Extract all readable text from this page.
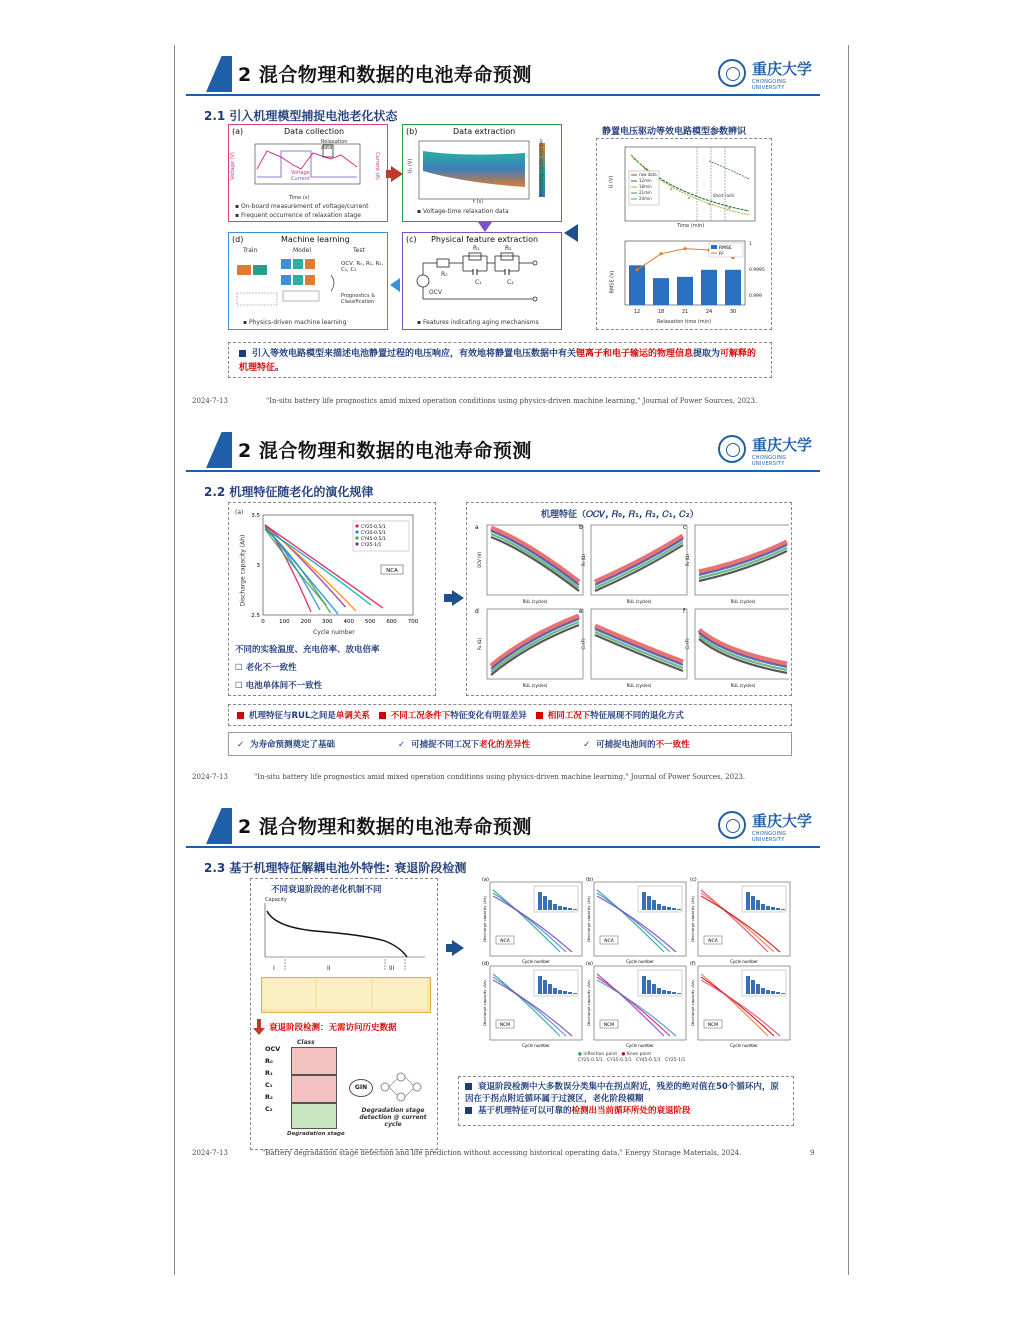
2 混合物理和数据的电池寿命预测	重庆大学
CHONGQING UNIVERSITY
2.1 引入机理模型捕捉电池老化状态
(a)	Data collection
Relaxation data
Voltage (V)	Current (A)
Voltage
Current
Time (s)
▪ On-board measurement of voltage/current
▪ Frequent occurrence of relaxation stage
(b)	Data extraction
U₁ (V)
t (s)
Increasing cycles number
▪ Voltage-time relaxation data
(d)	Machine learning
Train	Model	Test
OCV, R₀, R₁, R₂, C₁, C₂
Prognostics & Classification
▪ Physics-driven machine learning
(c) Physical feature extraction
OCV
R₀
R₁
C₁
R₂
C₂
▪ Features indicating aging mechanisms
静置电压驱动等效电路模型参数辨识
raw data
12min
18min
21min
24min
Short radii
U (V)
Time (min)
12	18	21	24	30
1
0.9995
0.999
RMSE
R²
RMSE (V)
Relaxation time (min)
引入等效电路模型来描述电池静置过程的电压响应，有效地将静置电压数据中有关锂离子和电子输运的物理信息提取为可解释的机理特征。
2024-7-13	"In-situ battery life prognostics amid mixed operation conditions using physics-driven machine learning," Journal of Power Sources, 2023.
2 混合物理和数据的电池寿命预测	重庆大学
CHONGQING UNIVERSITY
2.2 机理特征随老化的演化规律
0	100 200 300 400 500 600 700
2.5
3
3.5
CY25-0.5/1
CY35-0.5/1
CY45-0.5/1
CY25-1/1
NCA
(a)
Discharge capacity (Ah)
Cycle number
不同的实验温度、充电倍率、放电倍率
☐ 老化不一致性
☐ 电池单体间不一致性
机理特征（𝑂𝐶𝑉, 𝑅₀, 𝑅₁, 𝑅₂, 𝐶₁, 𝐶₂）
a
OCV (V)
RUL (cycles)
b
R₀ (Ω)
RUL (cycles)
c
R₁ (Ω)
RUL (cycles)
d
R₂ (Ω)
RUL (cycles)
e
C₁ (F)
RUL (cycles)
f
C₂ (F)
RUL (cycles)
机理特征与RUL之间是单调关系 不同工况条件下特征变化有明显差异 相同工况下特征展现不同的退化方式
✓ 为寿命预测奠定了基础	✓ 可捕捉不同工况下老化的差异性	✓ 可捕捉电池间的不一致性
2024-7-13	"In-situ battery life prognostics amid mixed operation conditions using physics-driven machine learning," Journal of Power Sources, 2023.
2 混合物理和数据的电池寿命预测	重庆大学
CHONGQING UNIVERSITY
2.3 基于机理特征解耦电池外特性: 衰退阶段检测
不同衰退阶段的老化机制不同
Capacity
I	II	III
衰退阶段检测：无需访问历史数据
Class
OCV
R₀
R₁
C₁
R₂
C₂
GIN
Degradation stage detection @ current cycle
Degradation stage
(a)
NCA
Cycle number
Discharge capacity (Ah)
(b)
NCA
Cycle number
Discharge capacity (Ah)
(c)
NCA
Cycle number
Discharge capacity (Ah)
(d)
NCM
Cycle number
Discharge capacity (Ah)
(e)
NCM
Cycle number
Discharge capacity (Ah)
(f)
NCM
Cycle number
Discharge capacity (Ah)
● Inflection point ● Knee point
CY25-0.5/1 CY35-0.5/1 CY45-0.5/1 CY25-1/1
衰退阶段检测中大多数误分类集中在拐点附近，残差的绝对值在50个循环内，原因在于拐点附近循环属于过渡区，老化阶段模糊
基于机理特征可以可靠的检测出当前循环所处的衰退阶段
2024-7-13	"Battery degradation stage detection and life prediction without accessing historical operating data," Energy Storage Materials, 2024.	9
